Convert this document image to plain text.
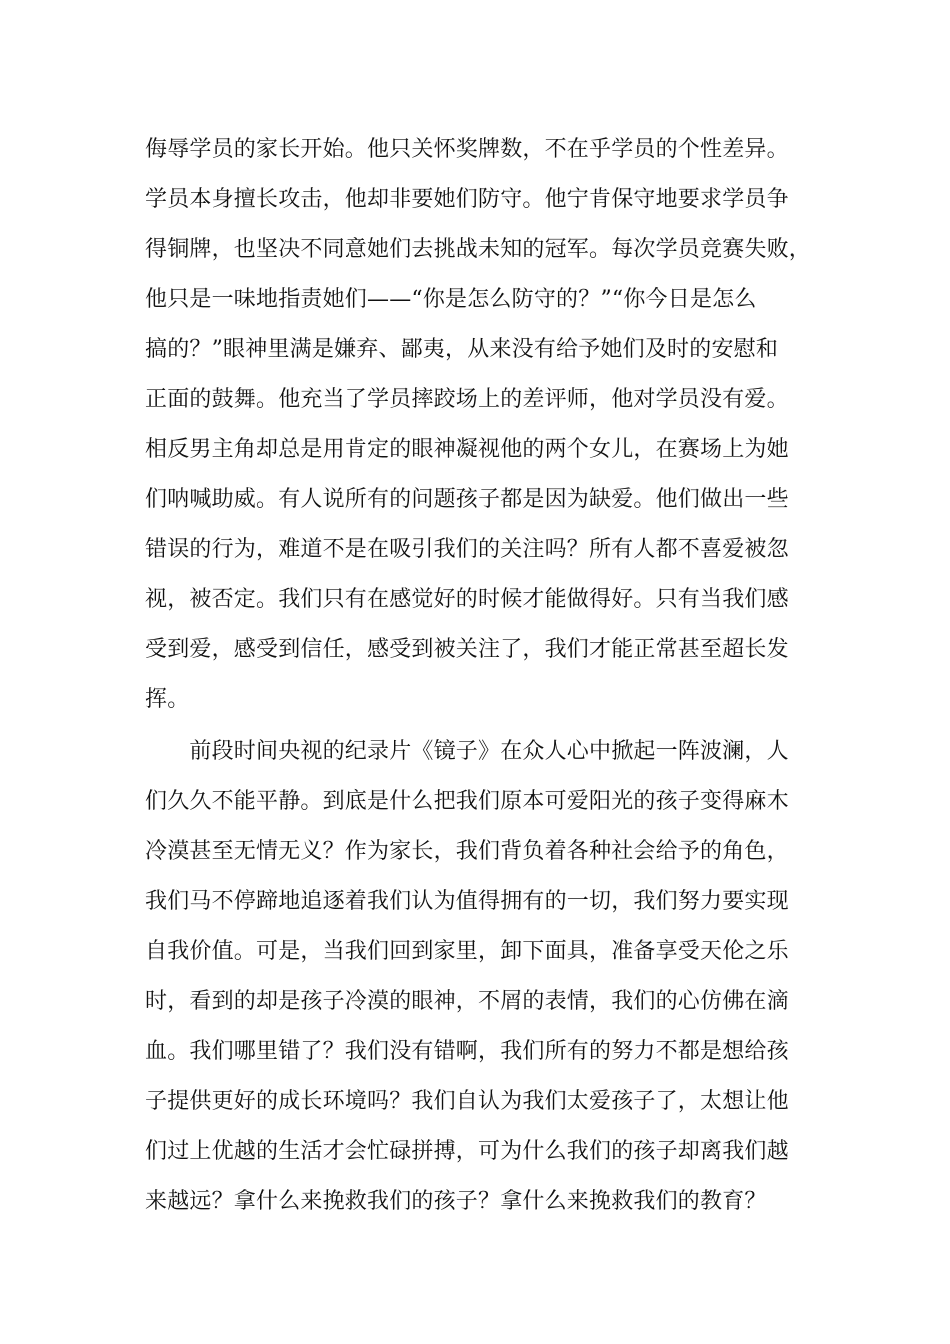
侮辱学员的家长开始。他只关怀奖牌数，不在乎学员的个性差异。
学员本身擅长攻击，他却非要她们防守。他宁肯保守地要求学员争
得铜牌，也坚决不同意她们去挑战未知的冠军。每次学员竞赛失败，
他只是一味地指责她们——“你是怎么防守的？”“你今日是怎么
搞的？”眼神里满是嫌弃、鄙夷，从来没有给予她们及时的安慰和
正面的鼓舞。他充当了学员摔跤场上的差评师，他对学员没有爱。
相反男主角却总是用肯定的眼神凝视他的两个女儿，在赛场上为她
们呐喊助威。有人说所有的问题孩子都是因为缺爱。他们做出一些
错误的行为，难道不是在吸引我们的关注吗？所有人都不喜爱被忽
视，被否定。我们只有在感觉好的时候才能做得好。只有当我们感
受到爱，感受到信任，感受到被关注了，我们才能正常甚至超长发
挥。
　　前段时间央视的纪录片《镜子》在众人心中掀起一阵波澜，人
们久久不能平静。到底是什么把我们原本可爱阳光的孩子变得麻木
冷漠甚至无情无义？作为家长，我们背负着各种社会给予的角色，
我们马不停蹄地追逐着我们认为值得拥有的一切，我们努力要实现
自我价值。可是，当我们回到家里，卸下面具，准备享受天伦之乐
时，看到的却是孩子冷漠的眼神，不屑的表情，我们的心仿佛在滴
血。我们哪里错了？我们没有错啊，我们所有的努力不都是想给孩
子提供更好的成长环境吗？我们自认为我们太爱孩子了，太想让他
们过上优越的生活才会忙碌拼搏，可为什么我们的孩子却离我们越
来越远？拿什么来挽救我们的孩子？拿什么来挽救我们的教育？
